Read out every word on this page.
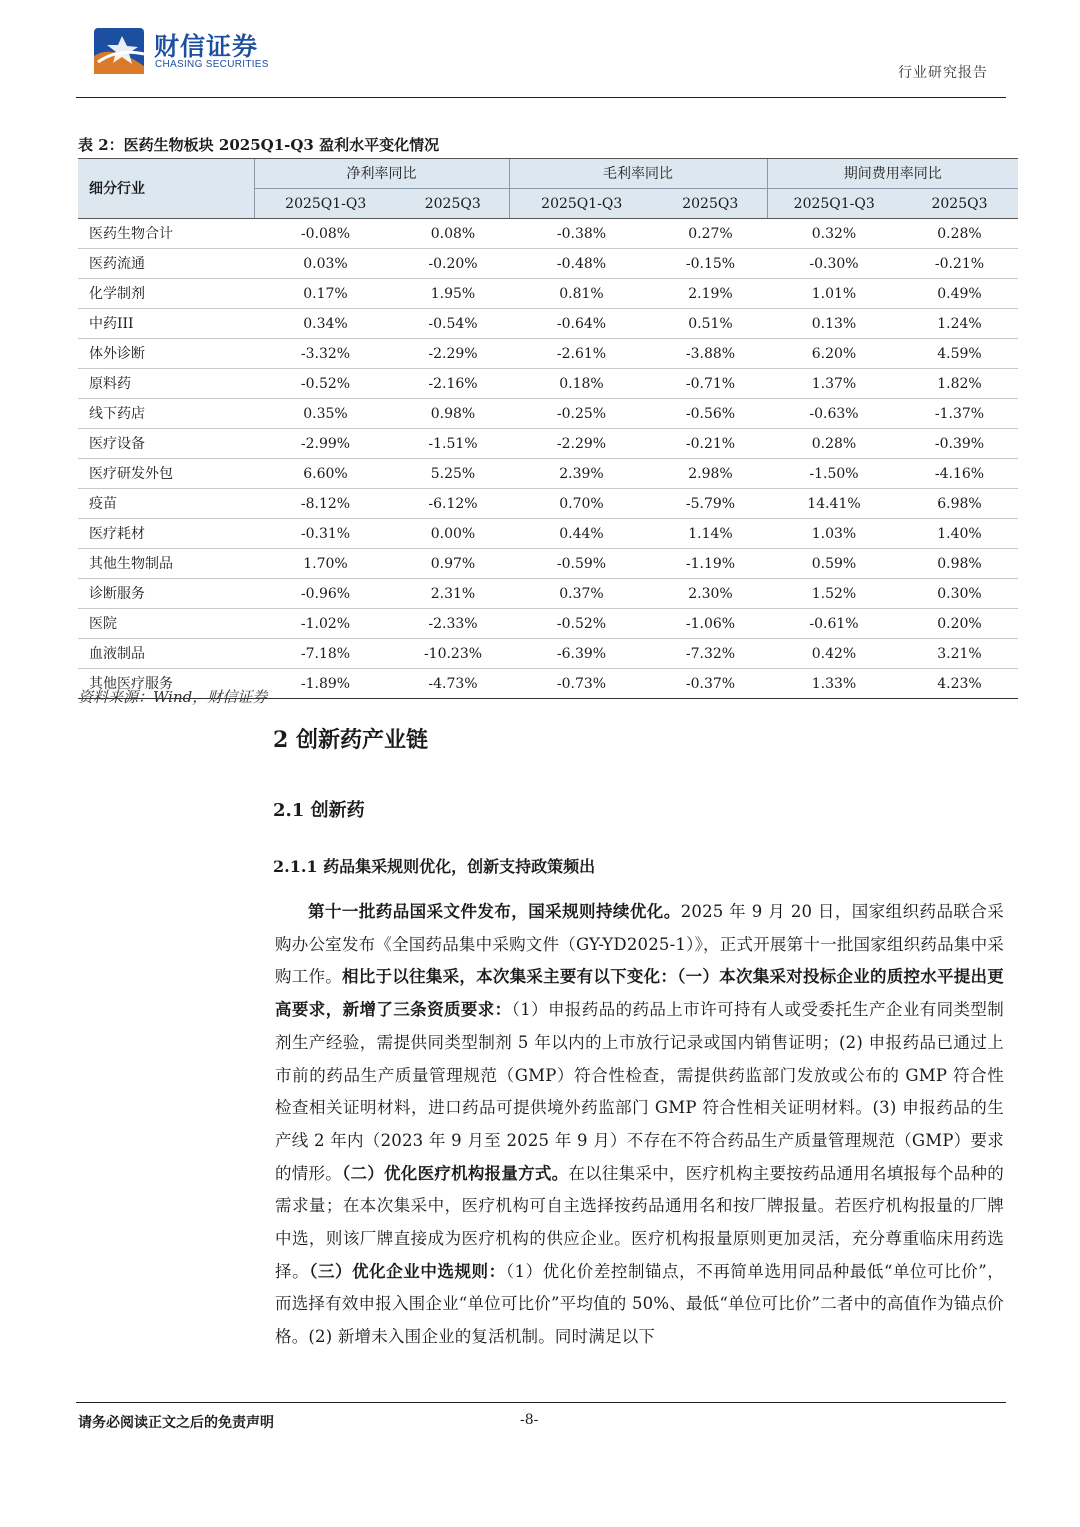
财信证券
CHASING SECURITIES
行业研究报告
表 2：医药生物板块 2025Q1-Q3 盈利水平变化情况
细分行业	净利率同比		毛利率同比		期间费用率同比	
	2025Q1-Q3	2025Q3	2025Q1-Q3	2025Q3	2025Q1-Q3	2025Q3
医药生物合计	-0.08%	0.08%	-0.38%	0.27%	0.32%	0.28%
医药流通	0.03%	-0.20%	-0.48%	-0.15%	-0.30%	-0.21%
化学制剂	0.17%	1.95%	0.81%	2.19%	1.01%	0.49%
中药III	0.34%	-0.54%	-0.64%	0.51%	0.13%	1.24%
体外诊断	-3.32%	-2.29%	-2.61%	-3.88%	6.20%	4.59%
原料药	-0.52%	-2.16%	0.18%	-0.71%	1.37%	1.82%
线下药店	0.35%	0.98%	-0.25%	-0.56%	-0.63%	-1.37%
医疗设备	-2.99%	-1.51%	-2.29%	-0.21%	0.28%	-0.39%
医疗研发外包	6.60%	5.25%	2.39%	2.98%	-1.50%	-4.16%
疫苗	-8.12%	-6.12%	0.70%	-5.79%	14.41%	6.98%
医疗耗材	-0.31%	0.00%	0.44%	1.14%	1.03%	1.40%
其他生物制品	1.70%	0.97%	-0.59%	-1.19%	0.59%	0.98%
诊断服务	-0.96%	2.31%	0.37%	2.30%	1.52%	0.30%
医院	-1.02%	-2.33%	-0.52%	-1.06%	-0.61%	0.20%
血液制品	-7.18%	-10.23%	-6.39%	-7.32%	0.42%	3.21%
其他医疗服务	-1.89%	-4.73%	-0.73%	-0.37%	1.33%	4.23%
资料来源：Wind，财信证券
2 创新药产业链
2.1 创新药
2.1.1 药品集采规则优化，创新支持政策频出

第十一批药品国采文件发布，国采规则持续优化。2025 年 9 月 20 日，国家组织药品联合采购办公室发布《全国药品集中采购文件（GY-YD2025-1）》，正式开展第十一批国家组织药品集中采购工作。相比于以往集采，本次集采主要有以下变化：（一）本次集采对投标企业的质控水平提出更高要求，新增了三条资质要求：（1）申报药品的药品上市许可持有人或受委托生产企业有同类型制剂生产经验，需提供同类型制剂 5 年以内的上市放行记录或国内销售证明；(2) 申报药品已通过上市前的药品生产质量管理规范（GMP）符合性检查，需提供药监部门发放或公布的 GMP 符合性检查相关证明材料，进口药品可提供境外药监部门 GMP 符合性相关证明材料。(3) 申报药品的生产线 2 年内（2023 年 9 月至 2025 年 9 月）不存在不符合药品生产质量管理规范（GMP）要求的情形。（二）优化医疗机构报量方式。在以往集采中，医疗机构主要按药品通用名填报每个品种的需求量；在本次集采中，医疗机构可自主选择按药品通用名和按厂牌报量。若医疗机构报量的厂牌中选，则该厂牌直接成为医疗机构的供应企业。医疗机构报量原则更加灵活，充分尊重临床用药选择。（三）优化企业中选规则：（1）优化价差控制锚点，不再简单选用同品种最低“单位可比价”，而选择有效申报入围企业“单位可比价”平均值的 50%、最低“单位可比价”二者中的高值作为锚点价格。(2) 新增未入围企业的复活机制。同时满足以下

请务必阅读正文之后的免责声明	-8-
